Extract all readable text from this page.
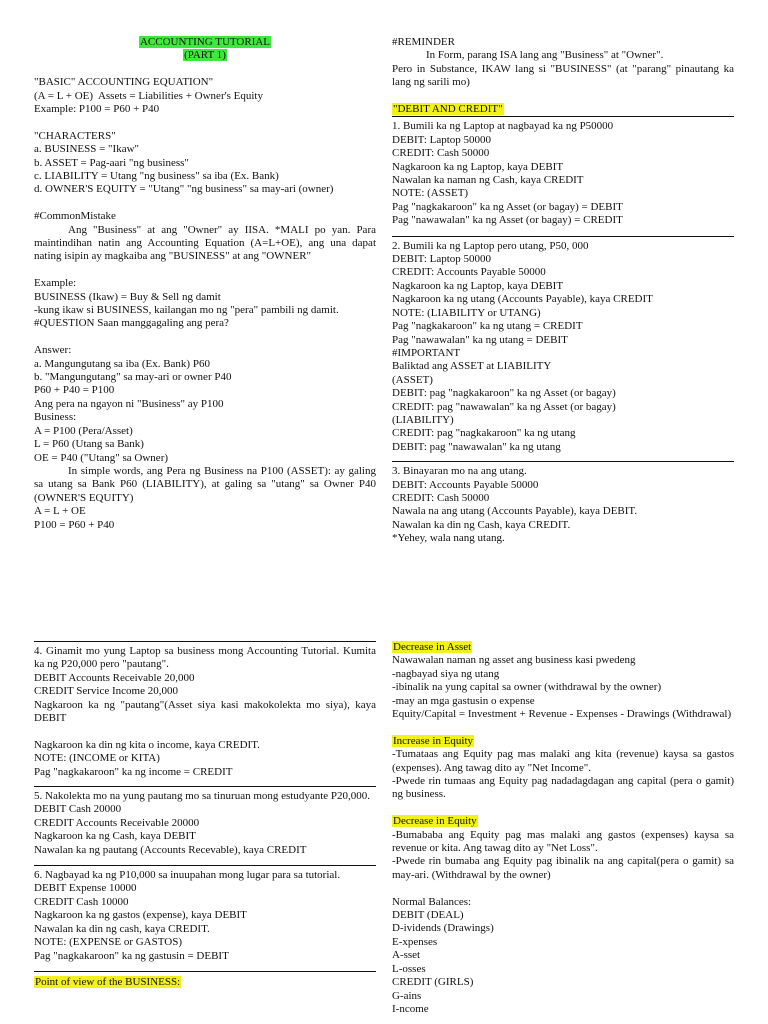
ACCOUNTING TUTORIAL
(PART 1)
"BASIC" ACCOUNTING EQUATION"
(A = L + OE)  Assets = Liabilities + Owner's Equity
Example: P100 = P60 + P40
"CHARACTERS"
a. BUSINESS = "Ikaw"
b. ASSET = Pag-aari "ng business"
c. LIABILITY = Utang "ng business" sa iba (Ex. Bank)
d. OWNER'S EQUITY = "Utang" "ng business" sa may-ari (owner)
#CommonMistake
Ang "Business" at ang "Owner" ay IISA. *MALI po yan. Para maintindihan natin ang Accounting Equation (A=L+OE), ang una dapat nating isipin ay magkaiba ang "BUSINESS" at ang "OWNER"
Example:
BUSINESS (Ikaw) = Buy & Sell ng damit
-kung ikaw si BUSINESS, kailangan mo ng "pera" pambili ng damit.
#QUESTION Saan manggagaling ang pera?
Answer:
a. Mangungutang sa iba (Ex. Bank) P60
b. "Mangungutang" sa may-ari or owner P40
P60 + P40 = P100
Ang pera na ngayon ni "Business" ay P100
Business:
A = P100 (Pera/Asset)
L = P60 (Utang sa Bank)
OE = P40 ("Utang" sa Owner)
In simple words, ang Pera ng Business na P100 (ASSET): ay galing sa utang sa Bank P60 (LIABILITY), at galing sa "utang" sa Owner P40 (OWNER'S EQUITY)
A = L + OE
P100 = P60 + P40
#REMINDER
In Form, parang ISA lang ang "Business" at "Owner".
Pero in Substance, IKAW lang si "BUSINESS" (at "parang" pinautang ka lang ng sarili mo)
"DEBIT AND CREDIT"
1. Bumili ka ng Laptop at nagbayad ka ng P50000
DEBIT: Laptop 50000
CREDIT: Cash 50000
Nagkaroon ka ng Laptop, kaya DEBIT
Nawalan ka naman ng Cash, kaya CREDIT
NOTE: (ASSET)
Pag "nagkakaroon" ka ng Asset (or bagay) = DEBIT
Pag "nawawalan" ka ng Asset (or bagay) = CREDIT
2. Bumili ka ng Laptop pero utang, P50, 000
DEBIT: Laptop 50000
CREDIT: Accounts Payable 50000
Nagkaroon ka ng Laptop, kaya DEBIT
Nagkaroon ka ng utang (Accounts Payable), kaya CREDIT
NOTE: (LIABILITY or UTANG)
Pag "nagkakaroon" ka ng utang = CREDIT
Pag "nawawalan" ka ng utang = DEBIT
#IMPORTANT
Baliktad ang ASSET at LIABILITY
(ASSET)
DEBIT: pag "nagkakaroon" ka ng Asset (or bagay)
CREDIT: pag "nawawalan" ka ng Asset (or bagay)
(LIABILITY)
CREDIT: pag "nagkakaroon" ka ng utang
DEBIT: pag "nawawalan" ka ng utang
3. Binayaran mo na ang utang.
DEBIT: Accounts Payable 50000
CREDIT: Cash 50000
Nawala na ang utang (Accounts Payable), kaya DEBIT.
Nawalan ka din ng Cash, kaya CREDIT.
*Yehey, wala nang utang.
4. Ginamit mo yung Laptop sa business mong Accounting Tutorial. Kumita ka ng P20,000 pero "pautang".
DEBIT Accounts Receivable 20,000
CREDIT Service Income 20,000
Nagkaroon ka ng "pautang"(Asset siya kasi makokolekta mo siya), kaya DEBIT
Nagkaroon ka din ng kita o income, kaya CREDIT.
NOTE: (INCOME or KITA)
Pag "nagkakaroon" ka ng income = CREDIT
5. Nakolekta mo na yung pautang mo sa tinuruan mong estudyante P20,000.
DEBIT Cash 20000
CREDIT Accounts Receivable 20000
Nagkaroon ka ng Cash, kaya DEBIT
Nawalan ka ng pautang (Accounts Recevable), kaya CREDIT
6. Nagbayad ka ng P10,000 sa inuupahan mong lugar para sa tutorial.
DEBIT Expense 10000
CREDIT Cash 10000
Nagkaroon ka ng gastos (expense), kaya DEBIT
Nawalan ka din ng cash, kaya CREDIT.
NOTE: (EXPENSE or GASTOS)
Pag "nagkakaroon" ka ng gastusin = DEBIT
Point of view of the BUSINESS:
Decrease in Asset
Nawawalan naman ng asset ang business kasi pwedeng
-nagbayad siya ng utang
-ibinalik na yung capital sa owner (withdrawal by the owner)
-may an mga gastusin o expense
Equity/Capital = Investment + Revenue - Expenses - Drawings (Withdrawal)
Increase in Equity
-Tumataas ang Equity pag mas malaki ang kita (revenue) kaysa sa gastos (expenses). Ang tawag dito ay "Net Income".
-Pwede rin tumaas ang Equity pag nadadagdagan ang capital (pera o gamit) ng business.
Decrease in Equity
-Bumababa ang Equity pag mas malaki ang gastos (expenses) kaysa sa revenue or kita. Ang tawag dito ay "Net Loss".
-Pwede rin bumaba ang Equity pag ibinalik na ang capital(pera o gamit) sa may-ari. (Withdrawal by the owner)
Normal Balances:
DEBIT (DEAL)
D-ividends (Drawings)
E-xpenses
A-sset
L-osses
CREDIT (GIRLS)
G-ains
I-ncome
